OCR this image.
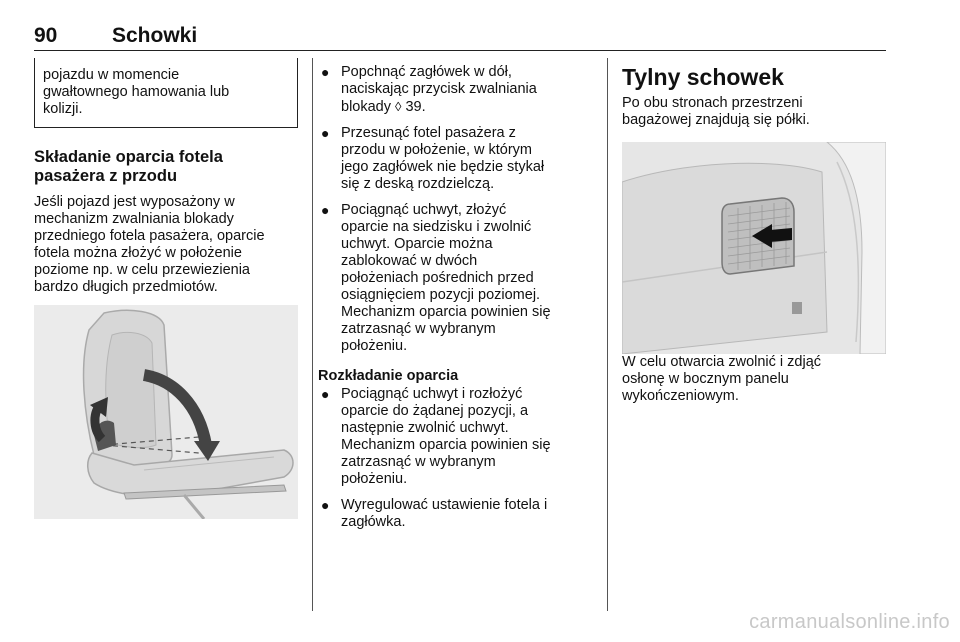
90	Schowki
pojazdu w momencie
gwałtownego hamowania lub
kolizji.
Składanie oparcia fotela
pasażera z przodu

Jeśli pojazd jest wyposażony w
mechanizm zwalniania blokady
przedniego fotela pasażera, oparcie
fotela można złożyć w położenie
poziome np. w celu przewiezienia
bardzo długich przedmiotów.

● Popchnąć zagłówek w dół,
naciskając przycisk zwalniania
blokady ◊ 39.
● Przesunąć fotel pasażera z
przodu w położenie, w którym
jego zagłówek nie będzie stykał
się z deską rozdzielczą.
● Pociągnąć uchwyt, złożyć
oparcie na siedzisku i zwolnić
uchwyt. Oparcie można
zablokować w dwóch
położeniach pośrednich przed
osiągnięciem pozycji poziomej.
Mechanizm oparcia powinien się
zatrzasnąć w wybranym
położeniu.
Rozkładanie oparcia
● Pociągnąć uchwyt i rozłożyć
oparcie do żądanej pozycji, a
następnie zwolnić uchwyt.
Mechanizm oparcia powinien się
zatrzasnąć w wybranym
położeniu.
● Wyregulować ustawienie fotela i
zagłówka.
Tylny schowek

Po obu stronach przestrzeni
bagażowej znajdują się półki.

W celu otwarcia zwolnić i zdjąć
osłonę w bocznym panelu
wykończeniowym.

carmanualsonline.info
